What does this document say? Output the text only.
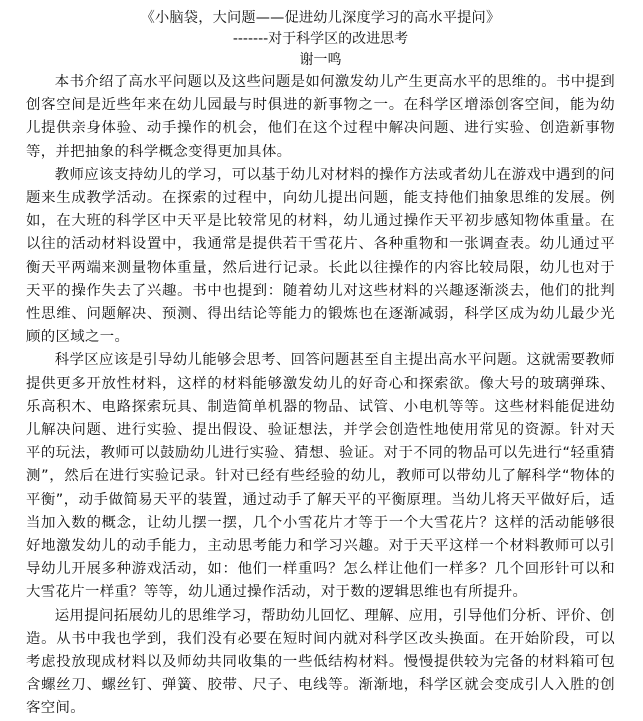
《小脑袋，大问题——促进幼儿深度学习的高水平提问》
-------对于科学区的改进思考
谢一鸣

本书介绍了高水平问题以及这些问题是如何激发幼儿产生更高水平的思维的。书中提到创客空间是近些年来在幼儿园最与时俱进的新事物之一。在科学区增添创客空间，能为幼儿提供亲身体验、动手操作的机会，他们在这个过程中解决问题、进行实验、创造新事物等，并把抽象的科学概念变得更加具体。

教师应该支持幼儿的学习，可以基于幼儿对材料的操作方法或者幼儿在游戏中遇到的问题来生成教学活动。在探索的过程中，向幼儿提出问题，能支持他们抽象思维的发展。例如，在大班的科学区中天平是比较常见的材料，幼儿通过操作天平初步感知物体重量。在以往的活动材料设置中，我通常是提供若干雪花片、各种重物和一张调查表。幼儿通过平衡天平两端来测量物体重量，然后进行记录。长此以往操作的内容比较局限，幼儿也对于天平的操作失去了兴趣。书中也提到：随着幼儿对这些材料的兴趣逐渐淡去，他们的批判性思维、问题解决、预测、得出结论等能力的锻炼也在逐渐减弱，科学区成为幼儿最少光顾的区域之一。

科学区应该是引导幼儿能够会思考、回答问题甚至自主提出高水平问题。这就需要教师提供更多开放性材料，这样的材料能够激发幼儿的好奇心和探索欲。像大号的玻璃弹珠、乐高积木、电路探索玩具、制造简单机器的物品、试管、小电机等等。这些材料能促进幼儿解决问题、进行实验、提出假设、验证想法，并学会创造性地使用常见的资源。针对天平的玩法，教师可以鼓励幼儿进行实验、猜想、验证。对于不同的物品可以先进行“轻重猜测”，然后在进行实验记录。针对已经有些经验的幼儿，教师可以带幼儿了解科学“物体的平衡”，动手做简易天平的装置，通过动手了解天平的平衡原理。当幼儿将天平做好后，适当加入数的概念，让幼儿摆一摆，几个小雪花片才等于一个大雪花片？这样的活动能够很好地激发幼儿的动手能力，主动思考能力和学习兴趣。对于天平这样一个材料教师可以引导幼儿开展多种游戏活动，如：他们一样重吗？怎么样让他们一样多？几个回形针可以和大雪花片一样重？等等，幼儿通过操作活动，对于数的逻辑思维也有所提升。

运用提问拓展幼儿的思维学习，帮助幼儿回忆、理解、应用，引导他们分析、评价、创造。从书中我也学到，我们没有必要在短时间内就对科学区改头换面。在开始阶段，可以考虑投放现成材料以及师幼共同收集的一些低结构材料。慢慢提供较为完备的材料箱可包含螺丝刀、螺丝钉、弹簧、胶带、尺子、电线等。渐渐地，科学区就会变成引人入胜的创客空间。
